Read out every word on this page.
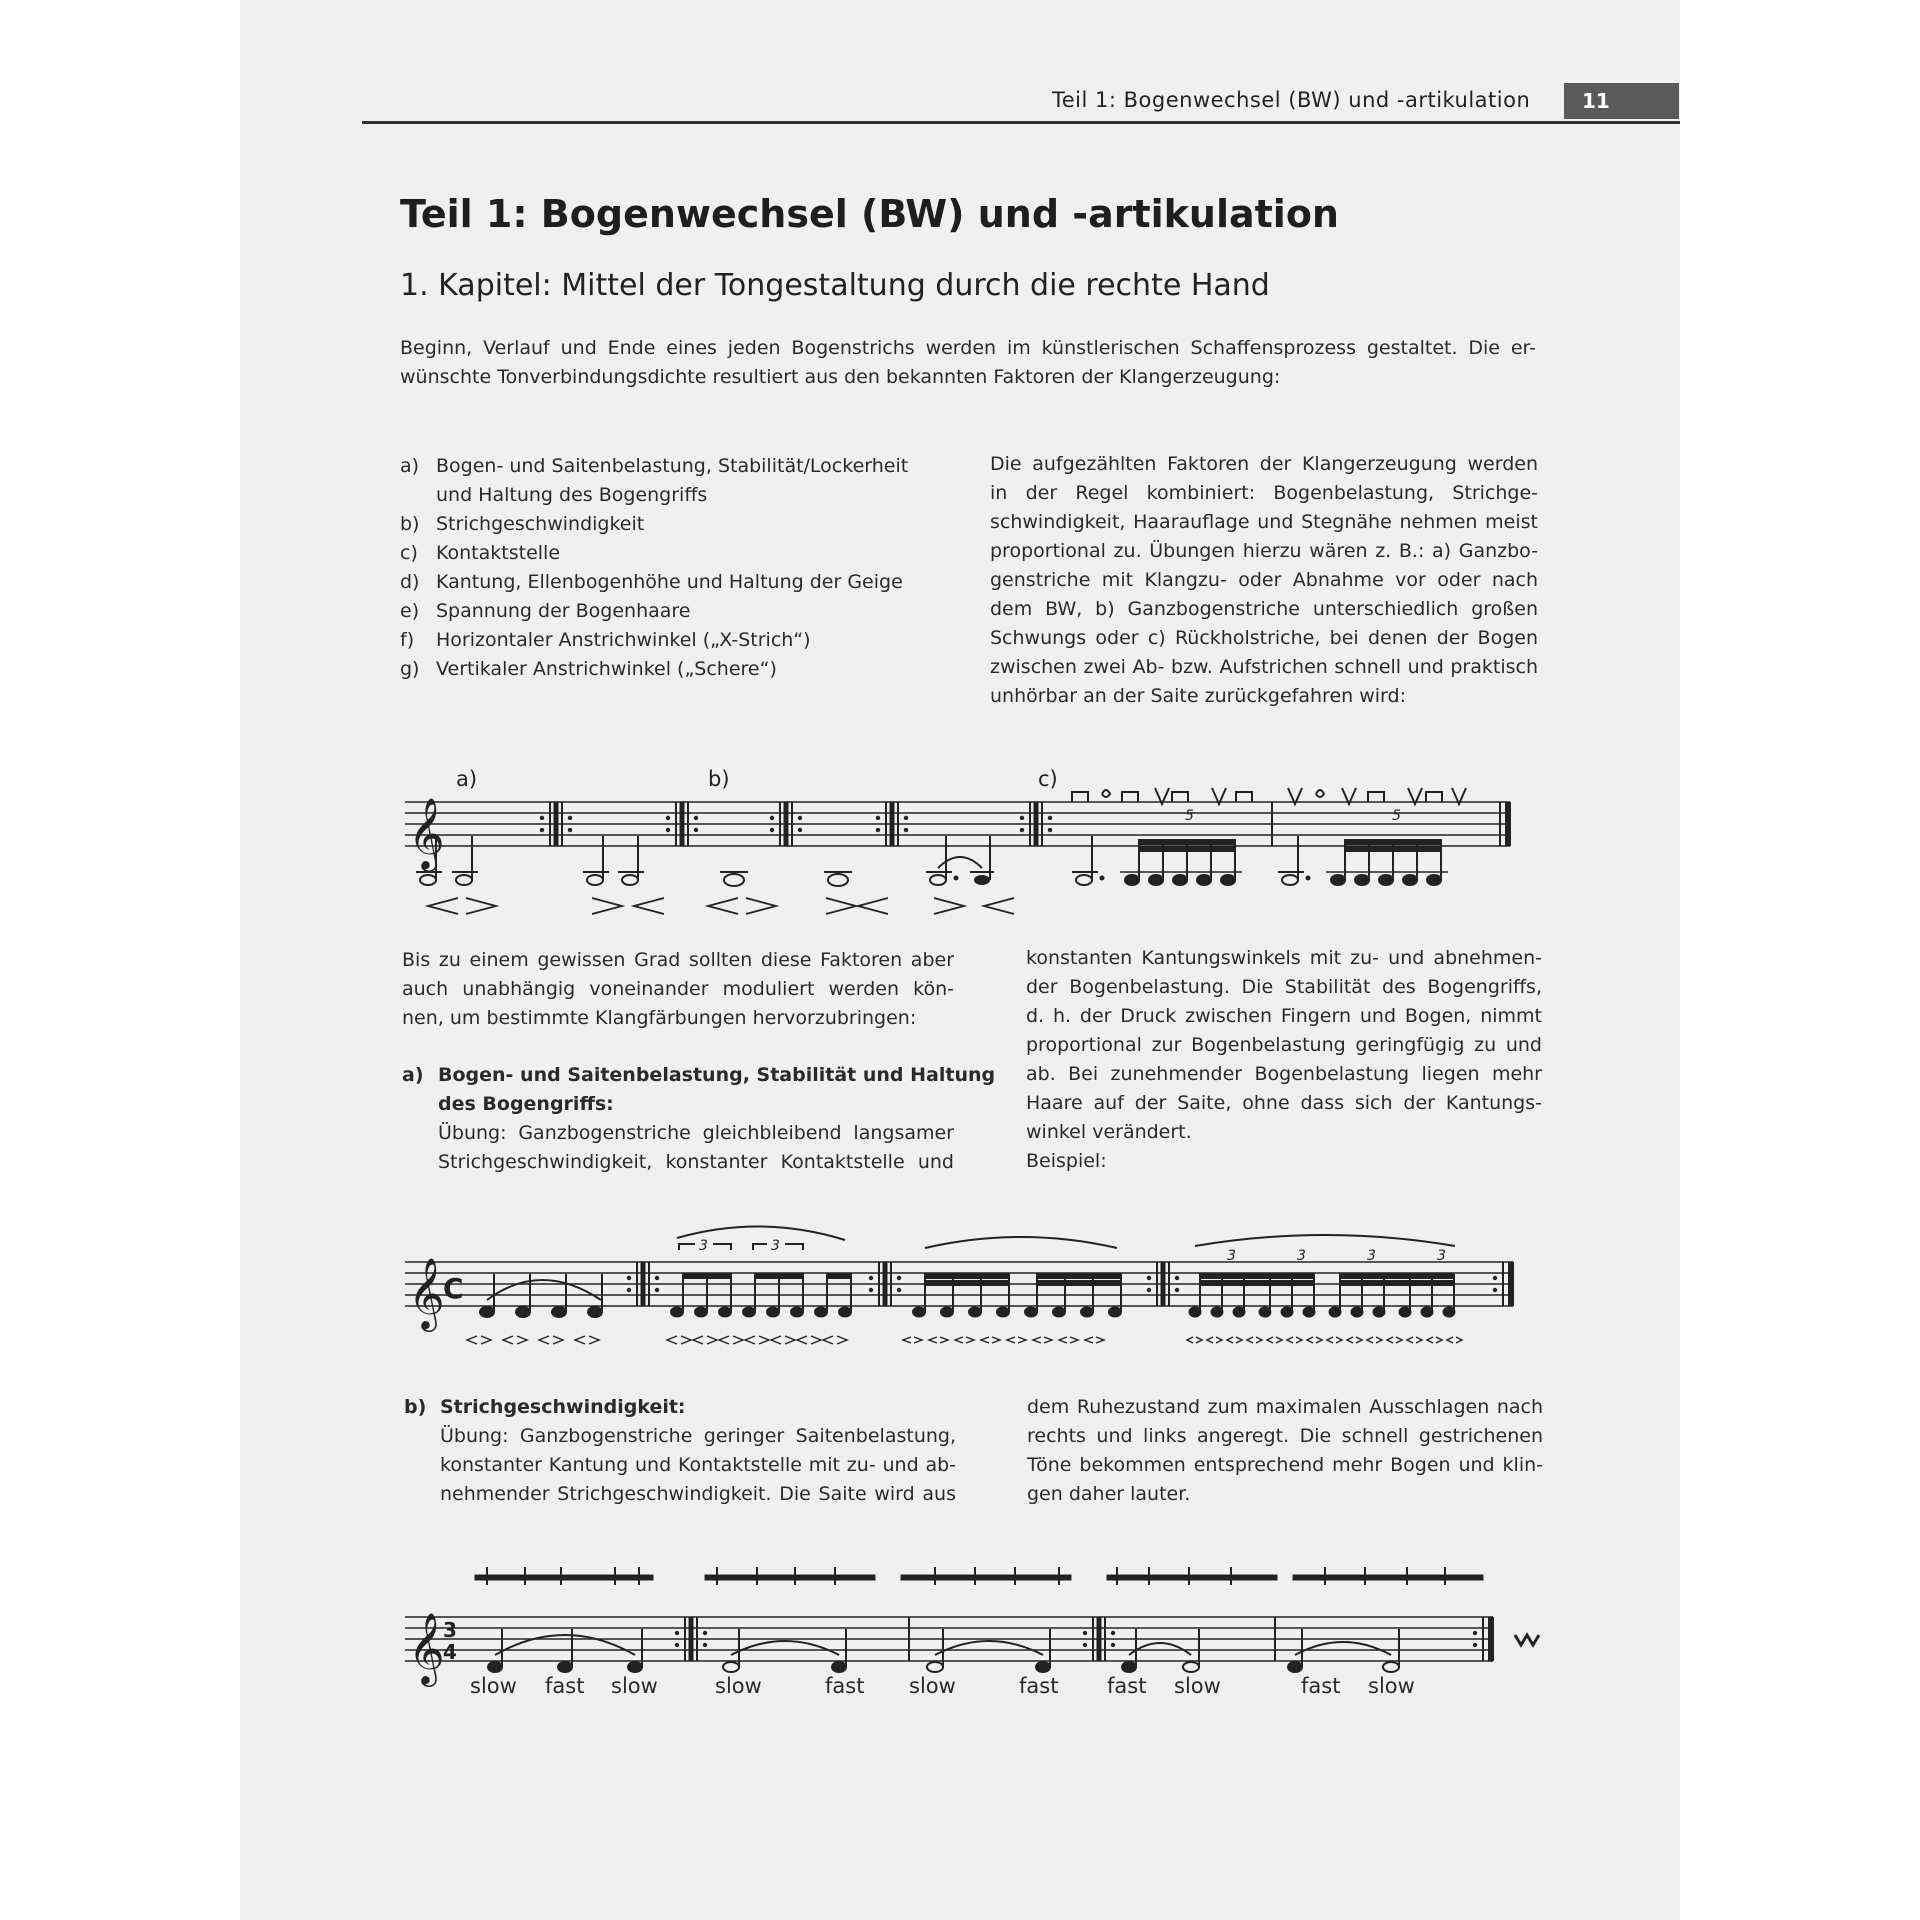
Teil 1: Bogenwechsel (BW) und -artikulation	11
Teil 1: Bogenwechsel (BW) und -artikulation
1. Kapitel: Mittel der Tongestaltung durch die rechte Hand
Beginn, Verlauf und Ende eines jeden Bogenstrichs werden im künstlerischen Schaffensprozess gestaltet. Die er-
wünschte Tonverbindungsdichte resultiert aus den bekannten Faktoren der Klangerzeugung:
a) Bogen- und Saitenbelastung, Stabilität/Lockerheit
und Haltung des Bogengriffs
b) Strichgeschwindigkeit
c) Kontaktstelle
d) Kantung, Ellenbogenhöhe und Haltung der Geige
e) Spannung der Bogenhaare
f) Horizontaler Anstrichwinkel („X-Strich“)
g) Vertikaler Anstrichwinkel („Schere“)
Die aufgezählten Faktoren der Klangerzeugung werden
in der Regel kombiniert: Bogenbelastung, Strichge-
schwindigkeit, Haarauflage und Stegnähe nehmen meist
proportional zu. Übungen hierzu wären z. B.: a) Ganzbo-
genstriche mit Klangzu- oder Abnahme vor oder nach
dem BW, b) Ganzbogenstriche unterschiedlich großen
Schwungs oder c) Rückholstriche, bei denen der Bogen
zwischen zwei Ab- bzw. Aufstrichen schnell und praktisch
unhörbar an der Saite zurückgefahren wird:
𝄞
a)	b)	c)
5	5
Bis zu einem gewissen Grad sollten diese Faktoren aber
auch unabhängig voneinander moduliert werden kön-
nen, um bestimmte Klangfärbungen hervorzubringen:
a) Bogen- und Saitenbelastung, Stabilität und Haltung
des Bogengriffs:
Übung: Ganzbogenstriche gleichbleibend langsamer
Strichgeschwindigkeit, konstanter Kontaktstelle und
konstanten Kantungswinkels mit zu- und abnehmen-
der Bogenbelastung. Die Stabilität des Bogengriffs,
d. h. der Druck zwischen Fingern und Bogen, nimmt
proportional zur Bogenbelastung geringfügig zu und
ab. Bei zunehmender Bogenbelastung liegen mehr
Haare auf der Saite, ohne dass sich der Kantungs-
winkel verändert.
Beispiel:
𝄞
C
3	3
3	3	3	3
b) Strichgeschwindigkeit:
Übung: Ganzbogenstriche geringer Saitenbelastung,
konstanter Kantung und Kontaktstelle mit zu- und ab-
nehmender Strichgeschwindigkeit. Die Saite wird aus
dem Ruhezustand zum maximalen Ausschlagen nach
rechts und links angeregt. Die schnell gestrichenen
Töne bekommen entsprechend mehr Bogen und klin-
gen daher lauter.
𝄞
3
4
slow fast slow	slow	fast slow	fast fast slow	fast slow
